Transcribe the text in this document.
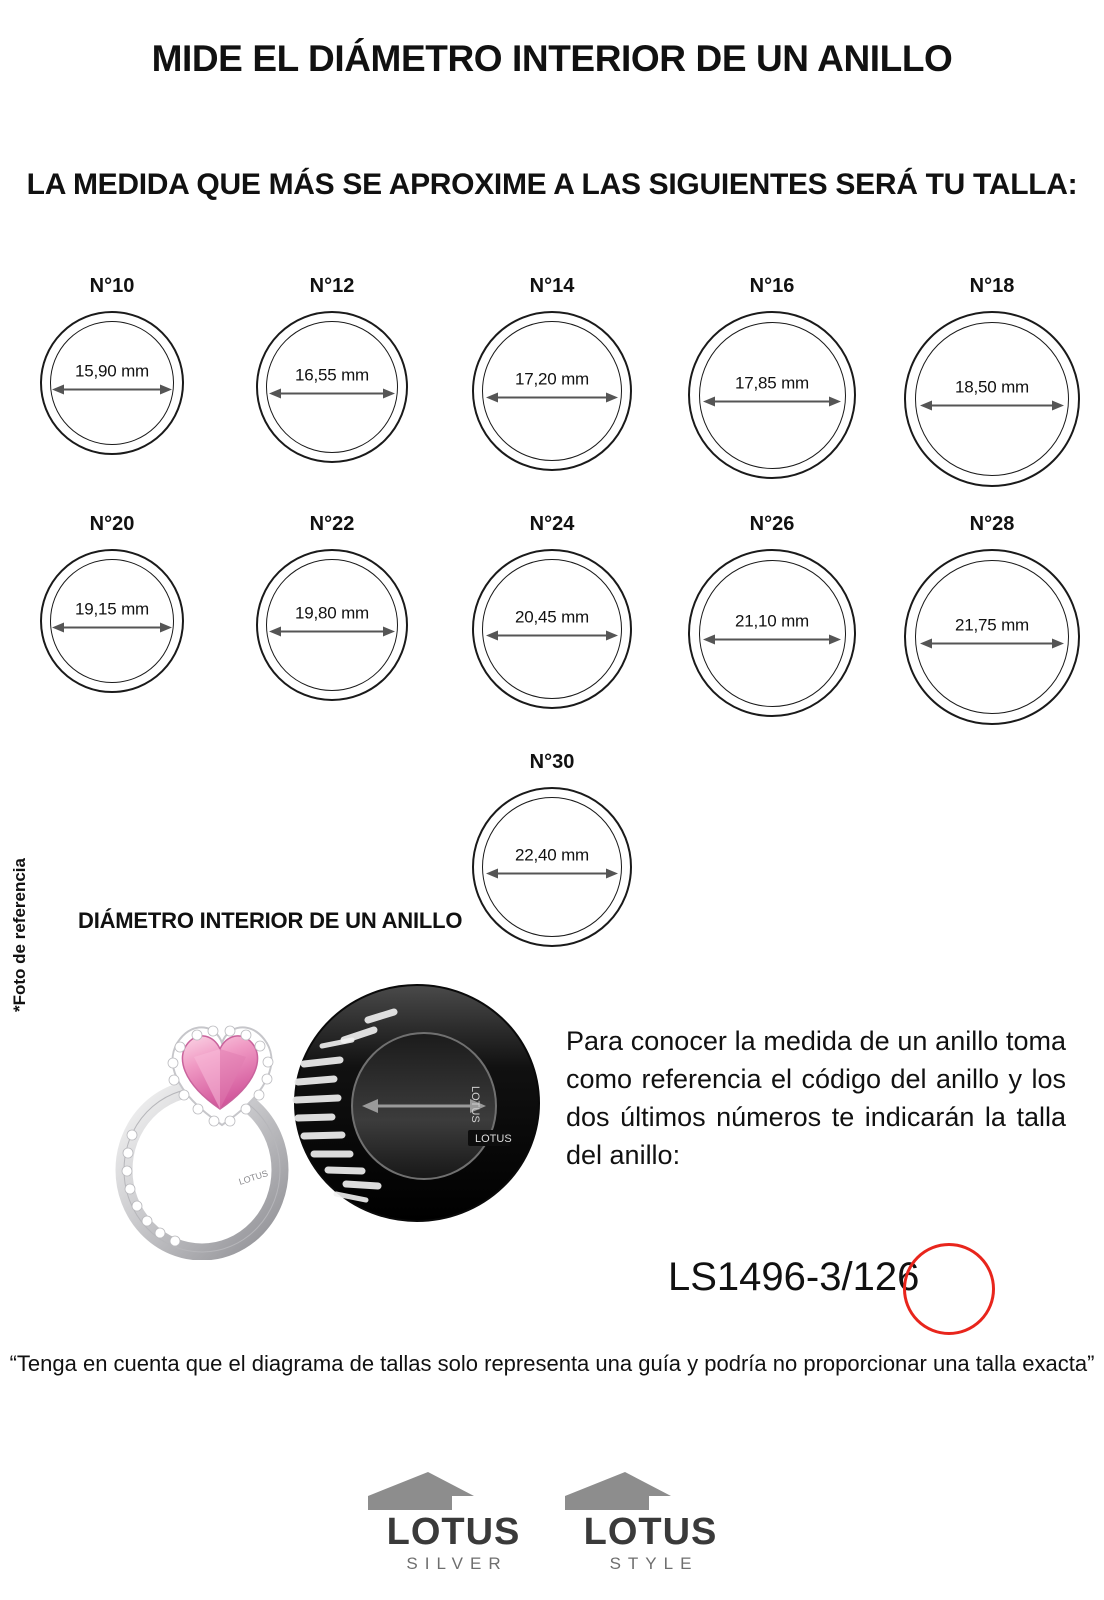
MIDE EL DIÁMETRO INTERIOR DE UN ANILLO
LA MEDIDA QUE MÁS SE APROXIME A LAS SIGUIENTES SERÁ TU TALLA:
N°10
15,90 mm
N°12
16,55 mm
N°14
17,20 mm
N°16
17,85 mm
N°18
18,50 mm
N°20
19,15 mm
N°22
19,80 mm
N°24
20,45 mm
N°26
21,10 mm
N°28
21,75 mm
N°30
22,40 mm
DIÁMETRO INTERIOR DE UN ANILLO
*Foto de referencia
LOTUS
LOTUS
LOTUS
Para conocer la medida de un anillo toma como referencia el código del anillo y los dos últimos números te indicarán la talla del anillo:
LS1496-3/126
“Tenga en cuenta que el diagrama de tallas solo representa una guía y podría no proporcionar una talla exacta”
LOTUS
SILVER
LOTUS
STYLE
